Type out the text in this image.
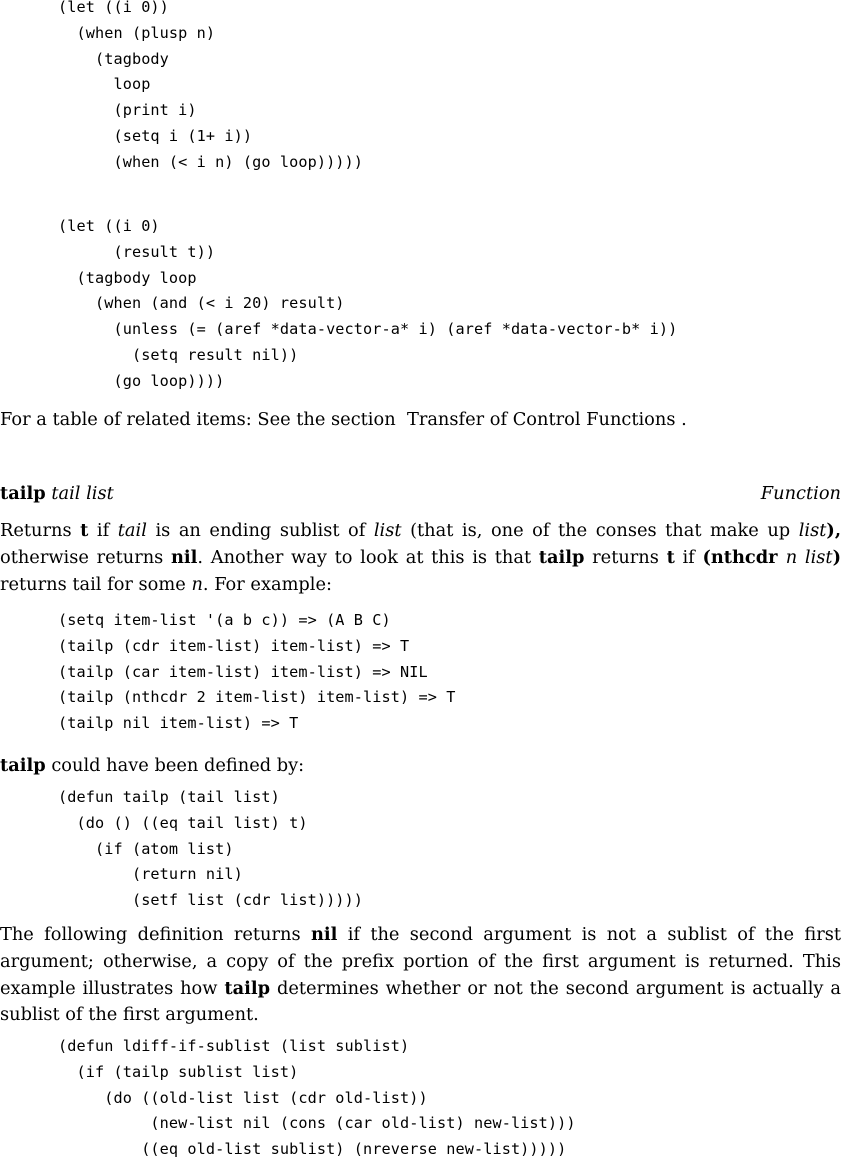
(let ((i 0))
(when (plusp n)
(tagbody
loop
(print i)
(setq i (1+ i))
(when (< i n) (go loop)))))
(let ((i 0)
(result t))
(tagbody loop
(when (and (< i 20) result)
(unless (= (aref *data-vector-a* i) (aref *data-vector-b* i))
(setq result nil))
(go loop))))
For a table of related items: See the section Transfer of Control Functions .
tailp tail list	Function
Returns t if tail is an ending sublist of list (that is, one of the conses that make up list), otherwise returns nil. Another way to look at this is that tailp returns t if (nthcdr n list) returns tail for some n. For example:
(setq item-list '(a b c)) => (A B C)
(tailp (cdr item-list) item-list) => T
(tailp (car item-list) item-list) => NIL
(tailp (nthcdr 2 item-list) item-list) => T
(tailp nil item-list) => T
tailp could have been defined by:
(defun tailp (tail list)
(do () ((eq tail list) t)
(if (atom list)
(return nil)
(setf list (cdr list)))))
The following definition returns nil if the second argument is not a sublist of the first argument; otherwise, a copy of the prefix portion of the first argument is returned. This example illustrates how tailp determines whether or not the second argument is actually a sublist of the first argument.
(defun ldiff-if-sublist (list sublist)
(if (tailp sublist list)
(do ((old-list list (cdr old-list))
(new-list nil (cons (car old-list) new-list)))
((eq old-list sublist) (nreverse new-list)))))
